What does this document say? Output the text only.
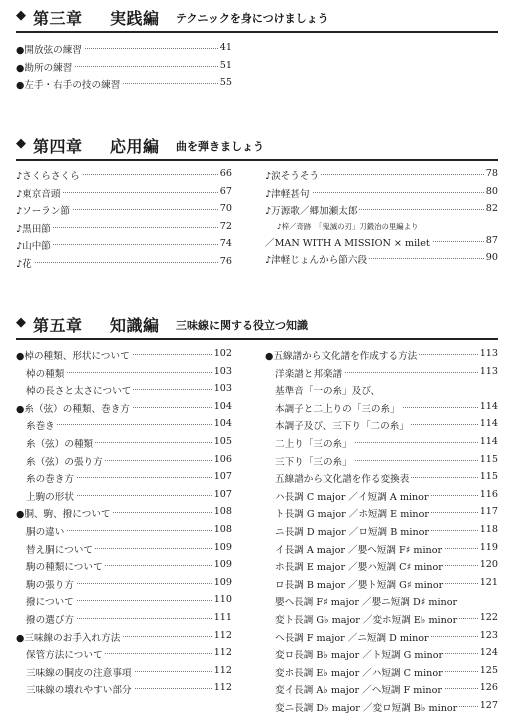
◆ 第三章 実践編 テクニックを身につけましょう
●開放弦の練習	41
●勘所の練習	51
●左手・右手の技の練習	55
◆ 第四章 応用編 曲を弾きましょう
♪さくらさくら	66
♪東京音頭	67
♪ソーラン節	70
♪黒田節	72
♪山中節	74
♪花	76
♪涙そうそう	78
♪津軽甚句	80
♪万源歌／郷加瀬太郎	82
♪梓／奇跡　「鬼滅の刃」刀鍛冶の里編より
／MAN WITH A MISSION × milet	87
♪津軽じょんから節六段	90
◆ 第五章 知識編 三味線に関する役立つ知識
●棹の種類、形状について	102
棹の種類	103
棹の長さと太さについて	103
●糸（弦）の種類、巻き方	104
糸巻き	104
糸（弦）の種類	105
糸（弦）の張り方	106
糸の巻き方	107
上駒の形状	107
●胴、駒、撥について	108
胴の違い	108
替え胴について	109
駒の種類について	109
駒の張り方	109
撥について	110
撥の選び方	111
●三味線のお手入れ方法	112
保管方法について	112
三味線の胴皮の注意事項	112
三味線の壊れやすい部分	112
●五線譜から文化譜を作成する方法	113
洋楽譜と邦楽譜	113
基準音「一の糸」及び、
本調子と二上りの「三の糸」	114
本調子及び、三下り「二の糸」	114
二上り「三の糸」	114
三下り「三の糸」	115
五線譜から文化譜を作る変換表	115
ハ長調 C major ／イ短調 A minor	116
ト長調 G major ／ホ短調 E minor	117
ニ長調 D major ／ロ短調 B minor	118
イ長調 A major ／嬰ヘ短調 F♯ minor	119
ホ長調 E major ／嬰ハ短調 C♯ minor	120
ロ長調 B major ／嬰ト短調 G♯ minor	121
嬰ヘ長調 F♯ major ／嬰ニ短調 D♯ minor
変ト長調 G♭ major ／変ホ短調 E♭ minor 122
ヘ長調 F major ／ニ短調 D minor	123
変ロ長調 B♭ major ／ト短調 G minor	124
変ホ長調 E♭ major ／ハ短調 C minor	125
変イ長調 A♭ major ／ヘ短調 F minor	126
変ニ長調 D♭ major ／変ロ短調 B♭ minor 127
